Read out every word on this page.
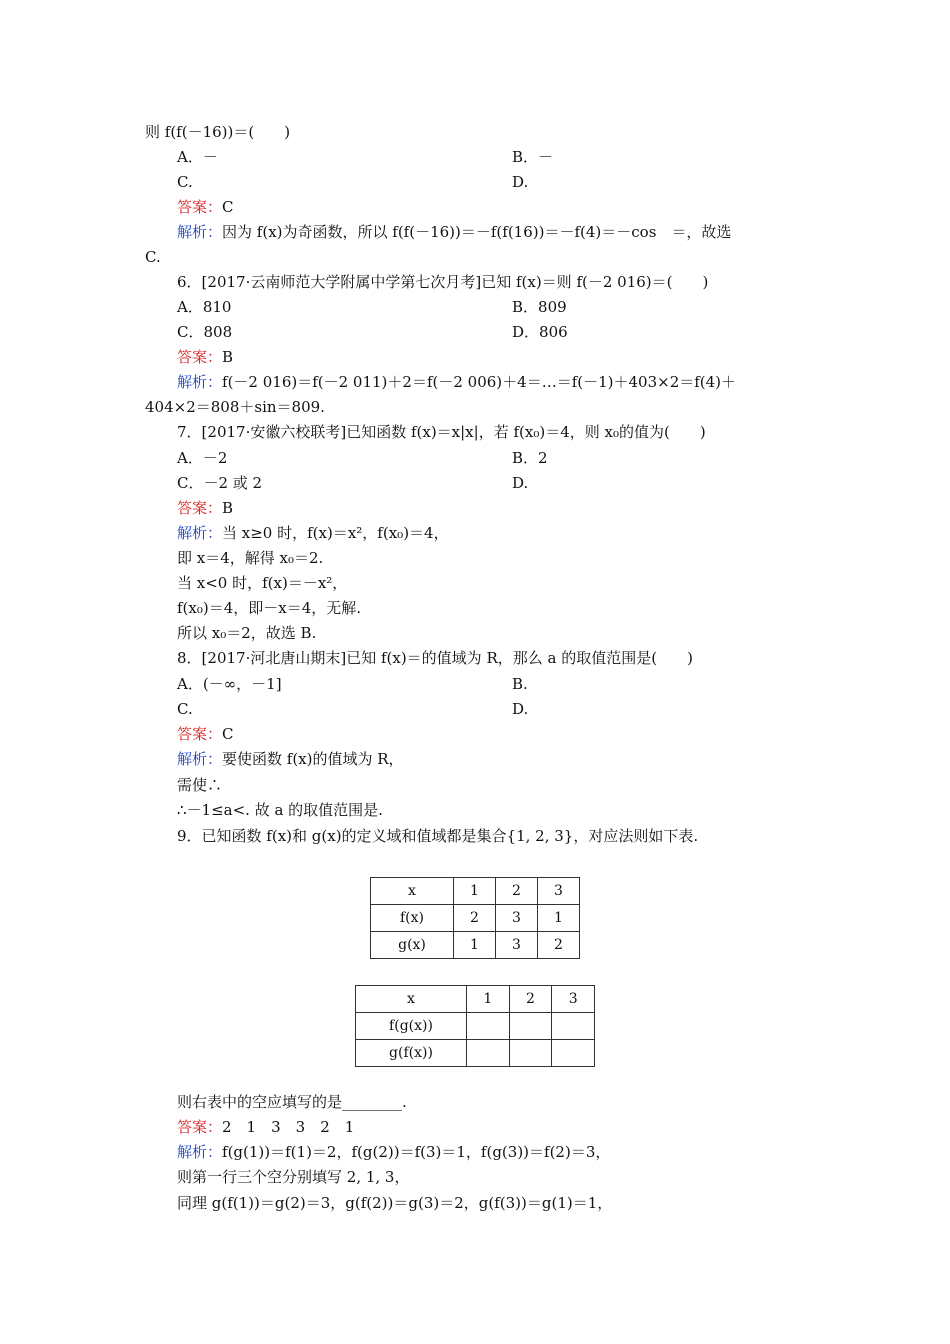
则 f(f(－16))＝(　　)
A．－	B．－
C.	D.
答案：C
解析：因为 f(x)为奇函数，所以 f(f(－16))＝－f(f(16))＝－f(4)＝－cos　＝，故选
C.
6．[2017·云南师范大学附属中学第七次月考]已知 f(x)＝则 f(－2 016)＝(　　)
A．810	B．809
C．808	D．806
答案：B
解析：f(－2 016)＝f(－2 011)＋2＝f(－2 006)＋4＝…＝f(－1)＋403×2＝f(4)＋
404×2＝808＋sin＝809.
7．[2017·安徽六校联考]已知函数 f(x)＝x|x|，若 f(x₀)＝4，则 x₀的值为(　　)
A．－2	B．2
C．－2 或 2	D.
答案：B
解析：当 x≥0 时，f(x)＝x²，f(x₀)＝4，
即 x＝4，解得 x₀＝2.
当 x<0 时，f(x)＝－x²，
f(x₀)＝4，即－x＝4，无解.
所以 x₀＝2，故选 B.
8．[2017·河北唐山期末]已知 f(x)＝的值域为 R，那么 a 的取值范围是(　　)
A．(－∞，－1]	B.
C.	D.
答案：C
解析：要使函数 f(x)的值域为 R，
需使∴
∴－1≤a<. 故 a 的取值范围是.
9．已知函数 f(x)和 g(x)的定义域和值域都是集合{1, 2, 3}，对应法则如下表.
x	1	2	3
f(x)	2	3	1
g(x)	1	3	2
x	1	2	3
f(g(x))			
g(f(x))			
则右表中的空应填写的是________.
答案：2　1　3　3　2　1
解析：f(g(1))＝f(1)＝2，f(g(2))＝f(3)＝1，f(g(3))＝f(2)＝3，
则第一行三个空分别填写 2, 1, 3，
同理 g(f(1))＝g(2)＝3，g(f(2))＝g(3)＝2，g(f(3))＝g(1)＝1，
